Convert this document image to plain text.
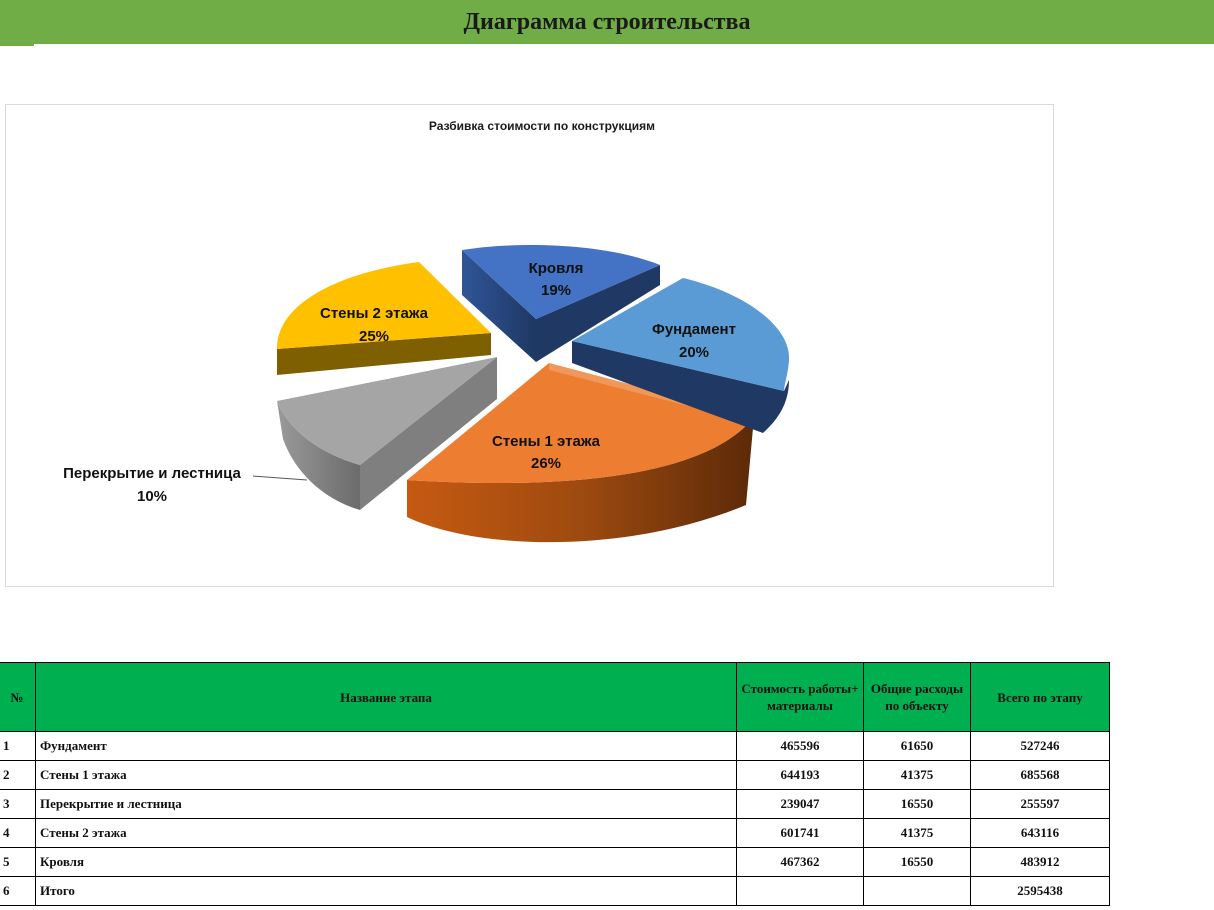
Диаграмма строительства
Разбивка стоимости по конструкциям
Кровля
19%
Фундамент
20%
Стены 2 этажа
25%
Стены 1 этажа
26%
Перекрытие и лестница
10%
№	Название этапа	Стоимость работы+ материалы	Общие расходы по объекту	Всего по этапу
1	Фундамент	465596	61650	527246
2	Стены 1 этажа	644193	41375	685568
3	Перекрытие и лестница	239047	16550	255597
4	Стены 2 этажа	601741	41375	643116
5	Кровля	467362	16550	483912
6	Итого			2595438
